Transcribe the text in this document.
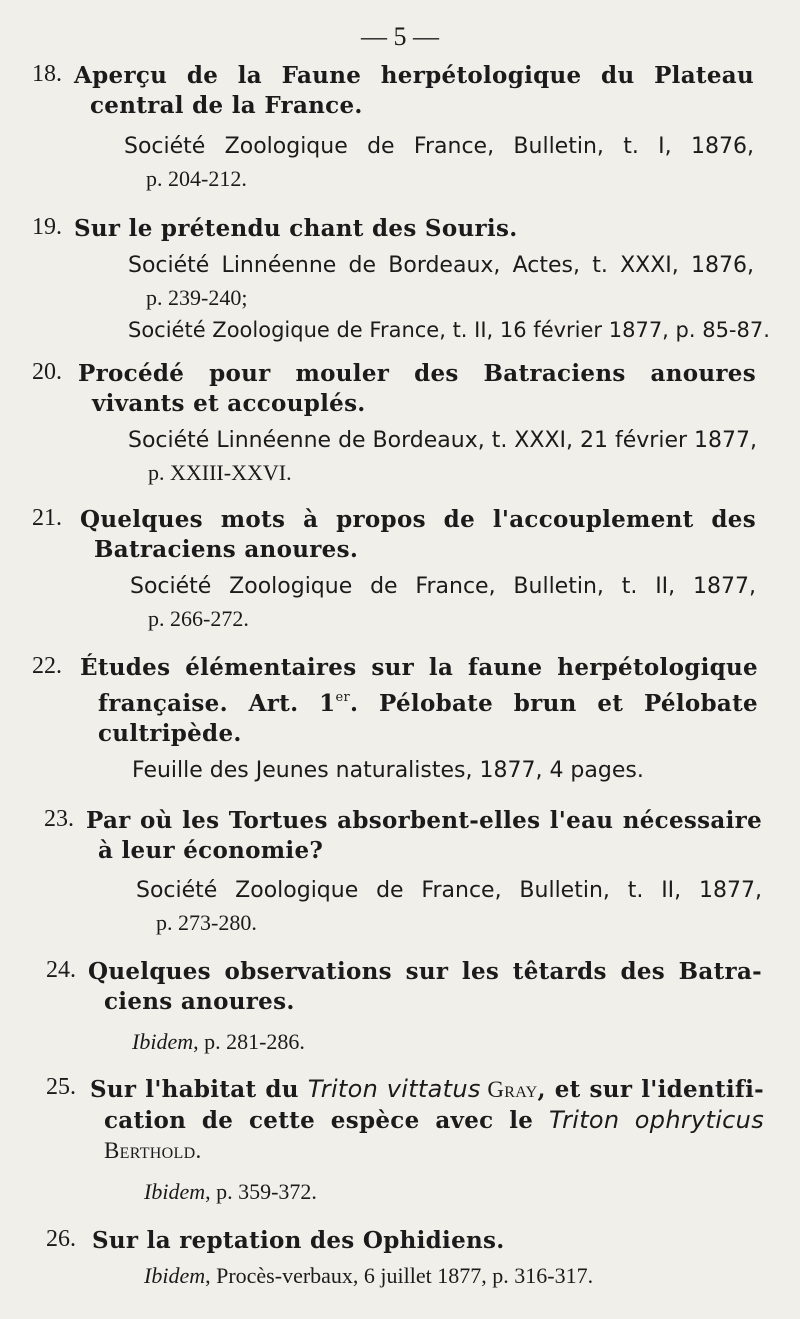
— 5 —
18. Aperçu de la Faune herpétologique du Plateau
central de la France.
Société Zoologique de France, Bulletin, t. I, 1876,
p. 204-212.
19. Sur le prétendu chant des Souris.
Société Linnéenne de Bordeaux, Actes, t. XXXI, 1876,
p. 239-240;
Société Zoologique de France, t. II, 16 février 1877, p. 85-87.
20. Procédé pour mouler des Batraciens anoures
vivants et accouplés.
Société Linnéenne de Bordeaux, t. XXXI, 21 février 1877,
p. XXIII-XXVI.
21. Quelques mots à propos de l'accouplement des
Batraciens anoures.
Société Zoologique de France, Bulletin, t. II, 1877,
p. 266-272.
22. Études élémentaires sur la faune herpétologique
française. Art. 1er. Pélobate brun et Pélobate
cultripède.
Feuille des Jeunes naturalistes, 1877, 4 pages.
23. Par où les Tortues absorbent-elles l'eau nécessaire
à leur économie?
Société Zoologique de France, Bulletin, t. II, 1877,
p. 273-280.
24. Quelques observations sur les têtards des Batra-
ciens anoures.
Ibidem, p. 281-286.
25. Sur l'habitat du Triton vittatus Gray, et sur l'identifi-
cation de cette espèce avec le Triton ophryticus
Berthold.
Ibidem, p. 359-372.
26. Sur la reptation des Ophidiens.
Ibidem, Procès-verbaux, 6 juillet 1877, p. 316-317.
